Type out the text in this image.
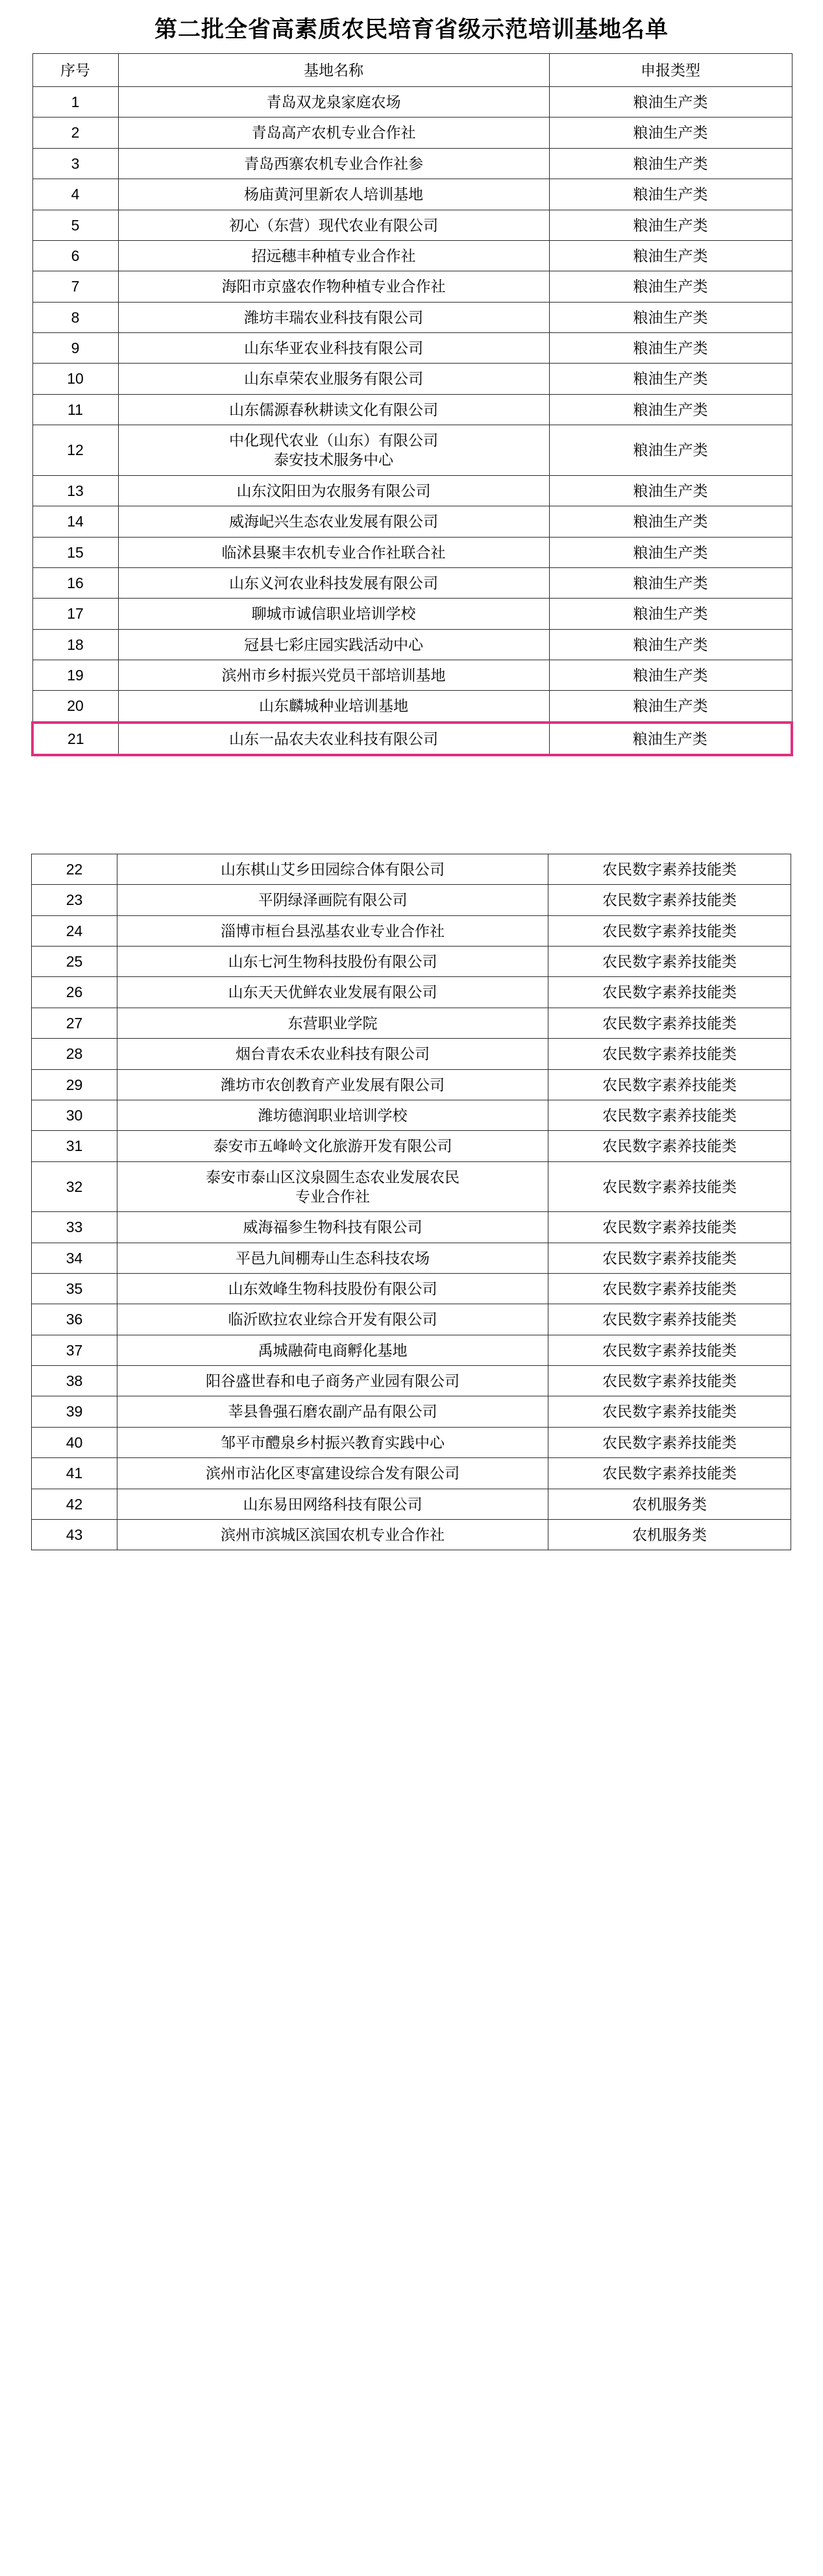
第二批全省高素质农民培育省级示范培训基地名单
序号	基地名称	申报类型
1	青岛双龙泉家庭农场	粮油生产类
2	青岛高产农机专业合作社	粮油生产类
3	青岛西寨农机专业合作社参	粮油生产类
4	杨庙黄河里新农人培训基地	粮油生产类
5	初心（东营）现代农业有限公司	粮油生产类
6	招远穗丰种植专业合作社	粮油生产类
7	海阳市京盛农作物种植专业合作社	粮油生产类
8	潍坊丰瑞农业科技有限公司	粮油生产类
9	山东华亚农业科技有限公司	粮油生产类
10	山东卓荣农业服务有限公司	粮油生产类
11	山东儒源春秋耕读文化有限公司	粮油生产类
12	中化现代农业（山东）有限公司
泰安技术服务中心	粮油生产类
13	山东汶阳田为农服务有限公司	粮油生产类
14	威海屺兴生态农业发展有限公司	粮油生产类
15	临沭县聚丰农机专业合作社联合社	粮油生产类
16	山东义河农业科技发展有限公司	粮油生产类
17	聊城市诚信职业培训学校	粮油生产类
18	冠县七彩庄园实践活动中心	粮油生产类
19	滨州市乡村振兴党员干部培训基地	粮油生产类
20	山东麟城种业培训基地	粮油生产类
21	山东一品农夫农业科技有限公司	粮油生产类
22	山东棋山艾乡田园综合体有限公司	农民数字素养技能类
23	平阴绿泽画院有限公司	农民数字素养技能类
24	淄博市桓台县泓基农业专业合作社	农民数字素养技能类
25	山东七河生物科技股份有限公司	农民数字素养技能类
26	山东天天优鲜农业发展有限公司	农民数字素养技能类
27	东营职业学院	农民数字素养技能类
28	烟台青农禾农业科技有限公司	农民数字素养技能类
29	潍坊市农创教育产业发展有限公司	农民数字素养技能类
30	潍坊德润职业培训学校	农民数字素养技能类
31	泰安市五峰岭文化旅游开发有限公司	农民数字素养技能类
32	泰安市泰山区汶泉圆生态农业发展农民
专业合作社	农民数字素养技能类
33	威海福参生物科技有限公司	农民数字素养技能类
34	平邑九间棚寿山生态科技农场	农民数字素养技能类
35	山东效峰生物科技股份有限公司	农民数字素养技能类
36	临沂欧拉农业综合开发有限公司	农民数字素养技能类
37	禹城融荷电商孵化基地	农民数字素养技能类
38	阳谷盛世春和电子商务产业园有限公司	农民数字素养技能类
39	莘县鲁强石磨农副产品有限公司	农民数字素养技能类
40	邹平市醴泉乡村振兴教育实践中心	农民数字素养技能类
41	滨州市沾化区枣富建设综合发有限公司	农民数字素养技能类
42	山东易田网络科技有限公司	农机服务类
43	滨州市滨城区滨国农机专业合作社	农机服务类
